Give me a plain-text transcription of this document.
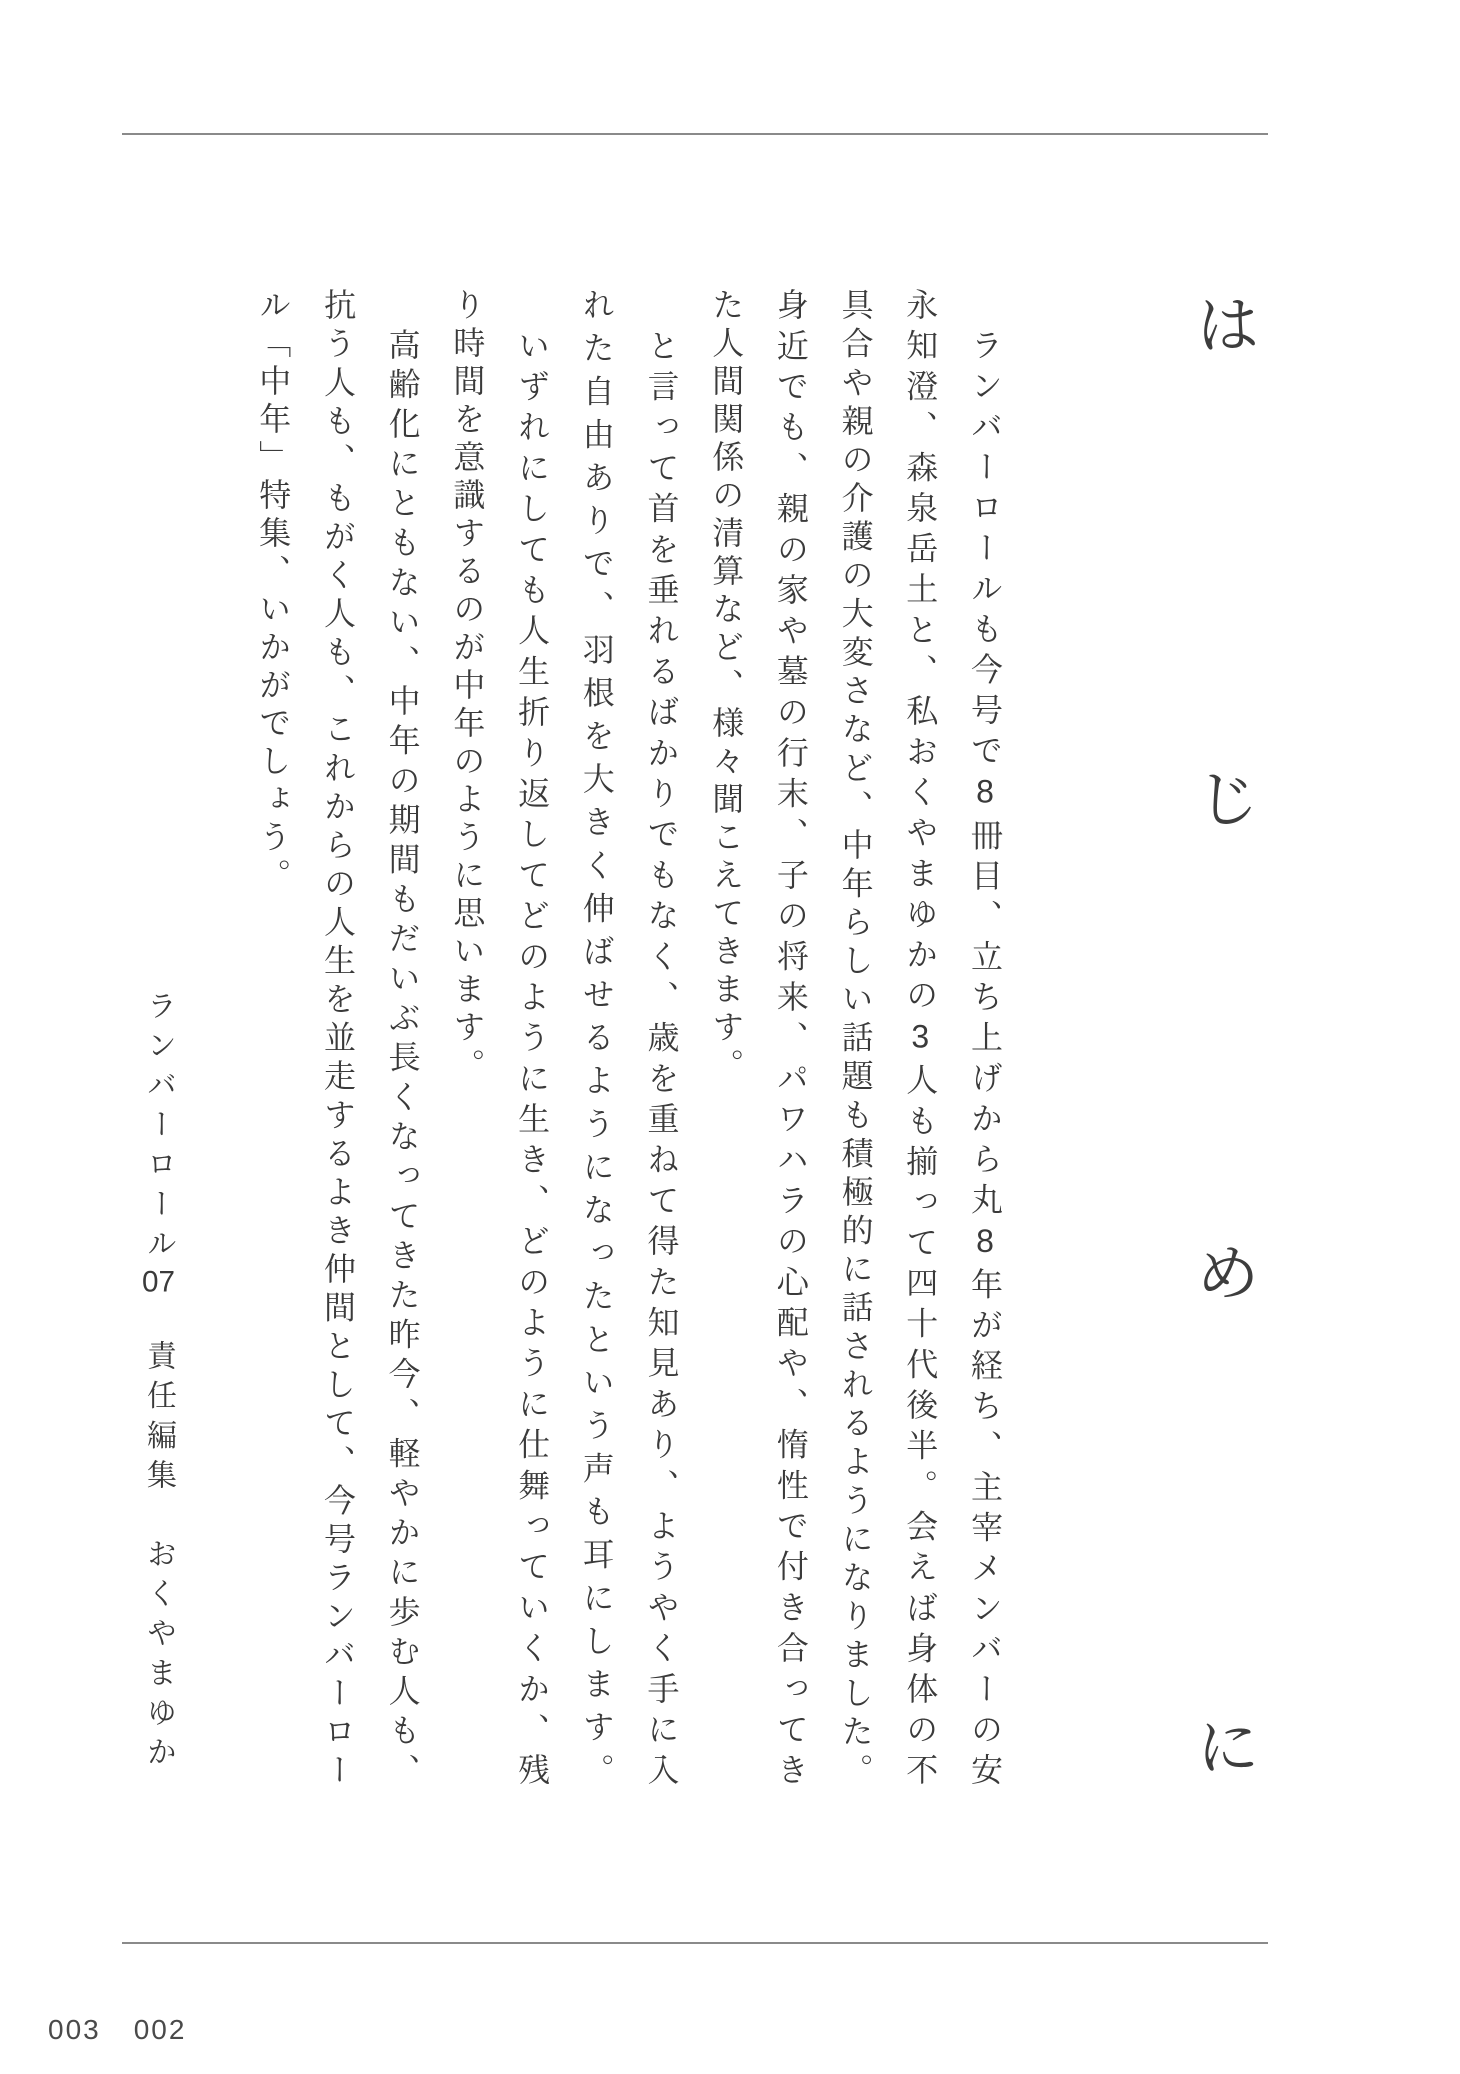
は
じ
め
に

　ランバーロールも今号で8冊目、立ち上げから丸8年が経ち、主宰メンバーの安

永知澄、森泉岳土と、私おくやまゆかの3人も揃って四十代後半。会えば身体の不

具合や親の介護の大変さなど、中年らしい話題も積極的に話されるようになりました。

身近でも、親の家や墓の行末、子の将来、パワハラの心配や、惰性で付き合ってき

た人間関係の清算など、様々聞こえてきます。

　と言って首を垂れるばかりでもなく、歳を重ねて得た知見あり、ようやく手に入

れた自由ありで、羽根を大きく伸ばせるようになったという声も耳にします。

　いずれにしても人生折り返してどのように生き、どのように仕舞っていくか、残

り時間を意識するのが中年のように思います。

　高齢化にともない、中年の期間もだいぶ長くなってきた昨今、軽やかに歩む人も、

抗う人も、もがく人も、これからの人生を並走するよき仲間として、今号ランバーロー

ル「中年」特集、いかがでしょう。

ランバーロール07　責任編集　おくやまゆか
003 002
